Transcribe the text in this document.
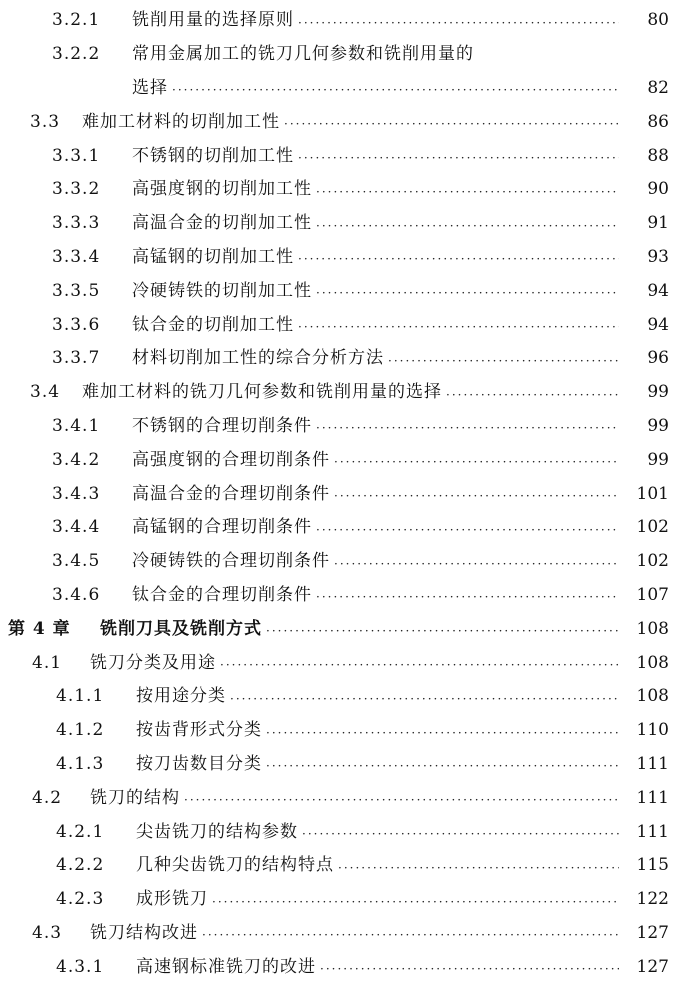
3.2.1	铣削用量的选择原则 ·····	80
3.2.2	常用金属加工的铣刀几何参数和铣削用量的
选择 ·····	82
3.3	难加工材料的切削加工性 ·····	86
3.3.1	不锈钢的切削加工性 ·····	88
3.3.2	高强度钢的切削加工性 ·····	90
3.3.3	高温合金的切削加工性 ·····	91
3.3.4	高锰钢的切削加工性 ·····	93
3.3.5	冷硬铸铁的切削加工性 ·····	94
3.3.6	钛合金的切削加工性 ·····	94
3.3.7	材料切削加工性的综合分析方法 ·····	96
3.4	难加工材料的铣刀几何参数和铣削用量的选择 ·····	99
3.4.1	不锈钢的合理切削条件 ·····	99
3.4.2	高强度钢的合理切削条件 ·····	99
3.4.3	高温合金的合理切削条件 ·····	101
3.4.4	高锰钢的合理切削条件 ·····	102
3.4.5	冷硬铸铁的合理切削条件 ·····	102
3.4.6	钛合金的合理切削条件 ·····	107
第 4 章	铣削刀具及铣削方式 ·····	108
4.1	铣刀分类及用途 ·····	108
4.1.1	按用途分类 ·····	108
4.1.2	按齿背形式分类 ·····	110
4.1.3	按刀齿数目分类 ·····	111
4.2	铣刀的结构 ·····	111
4.2.1	尖齿铣刀的结构参数 ·····	111
4.2.2	几种尖齿铣刀的结构特点 ·····	115
4.2.3	成形铣刀 ·····	122
4.3	铣刀结构改进 ·····	127
4.3.1	高速钢标准铣刀的改进 ·····	127
